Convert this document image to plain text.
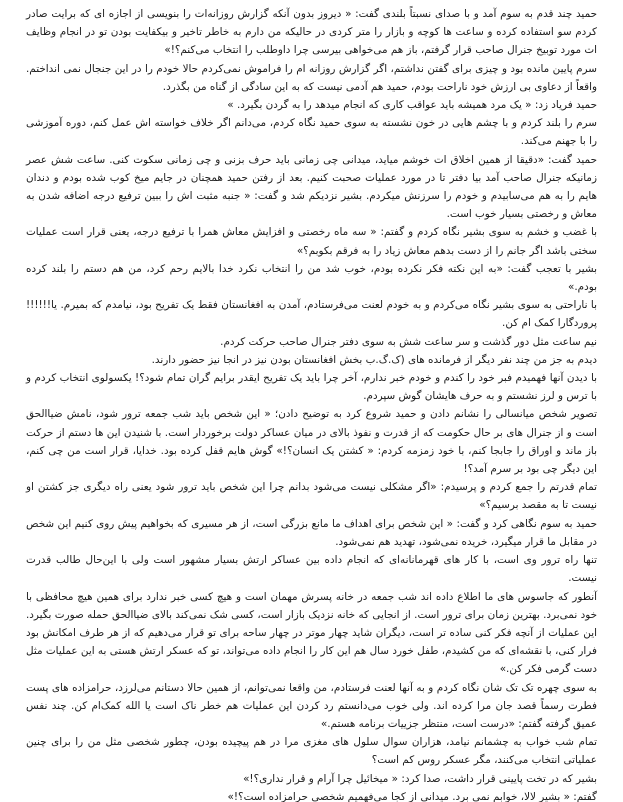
حمید چند قدم به سوم آمد و با صدای نسبتاً بلندی گفت: « دیروز بدون آنکه گزارش روزانه‌ات را بنویسی از اجازه ای که برایت صادر کردم سو استفاده کرده و ساعت ها کوچه و بازار را متر کردی در حالیکه من دارم به خاطر تاخیر و بیکفایت بودن تو در انجام وظایف ات مورد توبیخ جنرال صاحب قرار گرفتم، باز هم می‌خواهی بیرسی چرا داوطلب را انتخاب می‌کنم؟!»

سرم پایین مانده بود و چیزی برای گفتن نداشتم، اگر گزارش روزانه ام را فراموش نمی‌کردم حالا خودم را در این جنجال نمی انداختم. واقعاً از دعاوی بی ارزش خود ناراحت بودم، حمید هم آدمی نیست که به این سادگی از گناه من بگذرد.

حمید فریاد زد: « یک مرد همیشه باید عواقب کاری که انجام میدهد را به گردن بگیرد. »

سرم را بلند کردم و با چشم هایی در خون نشسته به سوی حمید نگاه کردم، می‌دانم اگر خلاف خواسته اش عمل کنم، دوره آموزشی را با جهنم می‌کند.

حمید گفت: «دقیقا از همین اخلاق ات خوشم میاید، میدانی چی زمانی باید حرف بزنی و چی زمانی سکوت کنی. ساعت شش عصر زمانیکه جنرال صاحب آمد بیا دفتر تا در مورد عملیات صحبت کنیم. بعد از رفتن حمید همچنان در جایم میخ کوب شده بودم و دندان هایم را به هم می‌سابیدم و خودم را سرزنش میکردم. بشیر نزدیکم شد و گفت: « جنبه مثبت اش را ببین ترفیع درجه اضافه شدن به معاش و رخصتی بسیار خوب است.

با غضب و خشم به سوی بشیر نگاه کردم و گفتم: « سه ماه رخصتی و افزایش معاش همرا با ترفیع درجه، یعنی قرار است عملیات سختی باشد اگر جانم را از دست بدهم معاش زیاد را به فرقم بکوبم؟»

بشیر با تعجب گفت: «به این نکته فکر نکرده بودم، خوب شد من را انتخاب نکرد خدا بالایم رحم کرد، من هم دستم را بلند کرده بودم.»

با ناراحتی به سوی بشیر نگاه می‌کردم و به خودم لعنت می‌فرستادم، آمدن به افغانستان فقط یک تفریح بود، نیامدم که بمیرم. یا!!!!!! پروردگارا کمک ام کن.

نیم ساعت مثل دور گذشت و سر ساعت شش به سوی دفتر جنرال صاحب حرکت کردم.

دیدم به جز من چند نفر دیگر از فرمانده های (ک.گ.ب بخش افغانستان بودن نیز در انجا نیز حضور دارند.

با دیدن آنها فهمیدم فبر خود را کندم و خودم خبر ندارم، آخر چرا باید یک تفریح ایقدر برایم گران تمام شود؟! یکسولوی انتخاب کردم و با ترس و لرز نشستم و به حرف هایشان گوش سپردم.

تصویر شخص میانسالی را نشانم دادن و حمید شروع کرد به توضیح دادن؛ « این شخص باید شب جمعه ترور شود، نامش ضیاالحق است و از جنرال های بر حال حکومت که از قدرت و نفوذ بالای در میان عساکر دولت برخوردار است. با شنیدن این ها دستم از حرکت باز ماند و اوراق را جابجا کنم، با خود زمزمه کردم: « کشتن یک انسان؟!» گوش هایم قفل کرده بود. خدایا، قرار است من چی کنم، این دیگر چی بود بر سرم آمد؟!

تمام قدرتم را جمع کردم و پرسیدم: «اگر مشکلی نیست می‌شود بدانم چرا این شخص باید ترور شود یعنی راه دیگری جز کشتن او نیست تا به مقصد برسیم؟»

حمید به سوم نگاهی کرد و گفت: « این شخص برای اهداف ما مانع بزرگی است، از هر مسیری که بخواهیم پیش روی کنیم این شخص در مقابل ما قرار میگیرد، خریده نمی‌شود، تهدید هم نمی‌شود.

تنها راه ترور وی است، با کار های قهرمانانه‌ای که انجام داده بین عساکر ارتش بسیار مشهور است ولی با این‌حال طالب قدرت نیست.

آنطور که جاسوس های ما اطلاع داده اند شب جمعه در خانه پسرش مهمان است و هیچ کسی خبر ندارد برای همین هیچ محافظی با خود نمی‌برد. بهترین زمان برای ترور است. از انجایی که خانه نزدیک بازار است، کسی شک نمی‌کند بالای ضیاالحق حمله صورت بگیرد. این عملیات از آنچه فکر کنی ساده تر است، دیگران شاید چهار موتر در چهار ساحه برای تو قرار می‌دهیم که از هر طرف امکانش بود فرار کنی، با نقشه‌ای که من کشیدم، طفل خورد سال هم این کار را انجام داده می‌تواند، تو که عسکر ارتش هستی به این عملیات مثل دست گرمی فکر کن.»

به سوی چهره تک تک شان نگاه کردم و به آنها لعنت فرستادم، من واقعا نمی‌توانم، از همین حالا دستانم می‌لرزد، حرامزاده های پست فطرت رسماً قصد جان مرا کرده اند. ولی خوب می‌دانستم رد کردن این عملیات هم خطر ناک است یا الله کمک‌ام کن. چند نفس عمیق گرفته گفتم: «درست است، منتظر جزییات برنامه هستم.»

تمام شب خواب به چشمانم نیامد، هزاران سوال سلول های مغزی مرا در هم پیچیده بودن، چطور شخصی مثل من را برای چنین عملیاتی انتخاب می‌کنند، مگر عسکر روس کم است؟

بشیر که در تخت پایینی قرار داشت، صدا کرد: « میخائیل چرا آرام و قرار نداری؟!»

گفتم: « بشیر لالا، خوابم نمی برد. میدانی از کجا می‌فهمیم شخصی حرامزاده است؟!»
